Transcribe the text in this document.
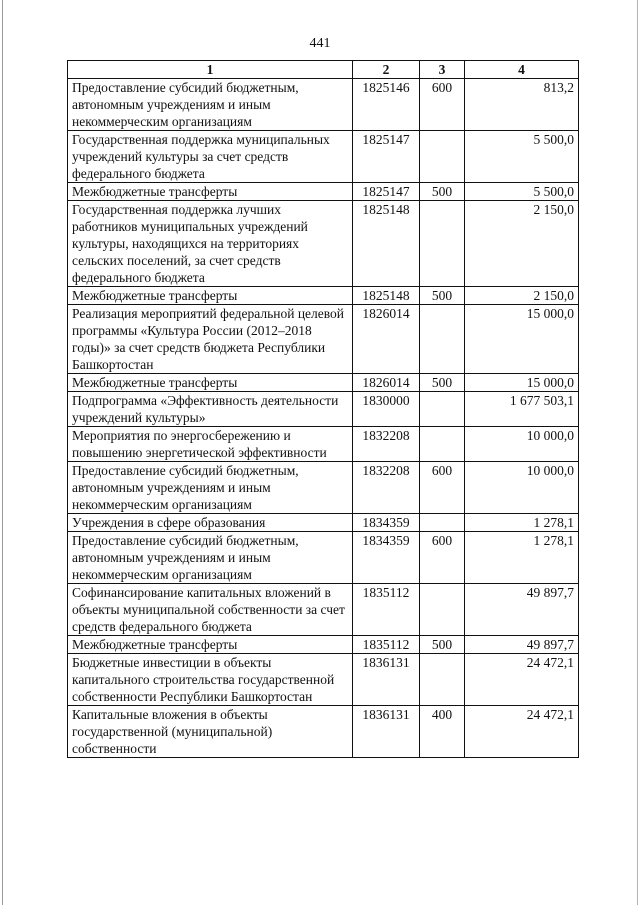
441
1	2	3	4
Предоставление субсидий бюджетным, автономным учреждениям и иным некоммерческим организациям	1825146	600	813,2
Государственная поддержка муниципальных учреждений культуры за счет средств федерального бюджета	1825147		5 500,0
Межбюджетные трансферты	1825147	500	5 500,0
Государственная поддержка лучших работников муниципальных учреждений культуры, находящихся на территориях сельских поселений, за счет средств федерального бюджета	1825148		2 150,0
Межбюджетные трансферты	1825148	500	2 150,0
Реализация мероприятий федеральной целевой программы «Культура России (2012–2018 годы)» за счет средств бюджета Республики Башкортостан	1826014		15 000,0
Межбюджетные трансферты	1826014	500	15 000,0
Подпрограмма «Эффективность деятельности учреждений культуры»	1830000		1 677 503,1
Мероприятия по энергосбережению и повышению энергетической эффективности	1832208		10 000,0
Предоставление субсидий бюджетным, автономным учреждениям и иным некоммерческим организациям	1832208	600	10 000,0
Учреждения в сфере образования	1834359		1 278,1
Предоставление субсидий бюджетным, автономным учреждениям и иным некоммерческим организациям	1834359	600	1 278,1
Софинансирование капитальных вложений в объекты муниципальной собственности за счет средств федерального бюджета	1835112		49 897,7
Межбюджетные трансферты	1835112	500	49 897,7
Бюджетные инвестиции в объекты капитального строительства государственной собственности Республики Башкортостан	1836131		24 472,1
Капитальные вложения в объекты государственной (муниципальной) собственности	1836131	400	24 472,1
